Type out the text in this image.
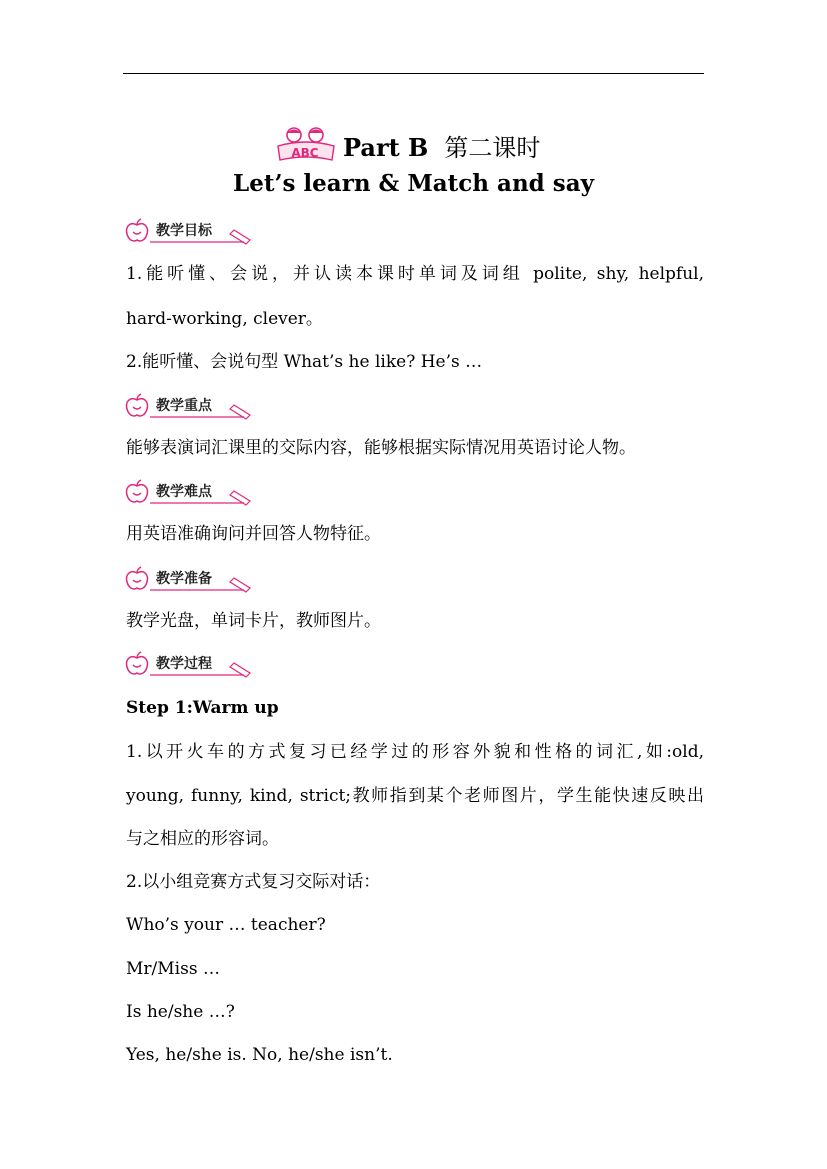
ABC Part B 第二课时
Let’s learn & Match and say
教学目标
1.能听懂、会说，并认读本课时单词及词组 polite, shy, helpful,
hard-working, clever。
2.能听懂、会说句型 What’s he like? He’s …
教学重点
能够表演词汇课里的交际内容，能够根据实际情况用英语讨论人物。
教学难点
用英语准确询问并回答人物特征。
教学准备
教学光盘，单词卡片，教师图片。
教学过程
Step 1:Warm up
1.以开火车的方式复习已经学过的形容外貌和性格的词汇,如:old,
young, funny, kind, strict;教师指到某个老师图片，学生能快速反映出
与之相应的形容词。
2.以小组竞赛方式复习交际对话：
Who’s your … teacher?
Mr/Miss …
Is he/she …?
Yes, he/she is. No, he/she isn’t.
